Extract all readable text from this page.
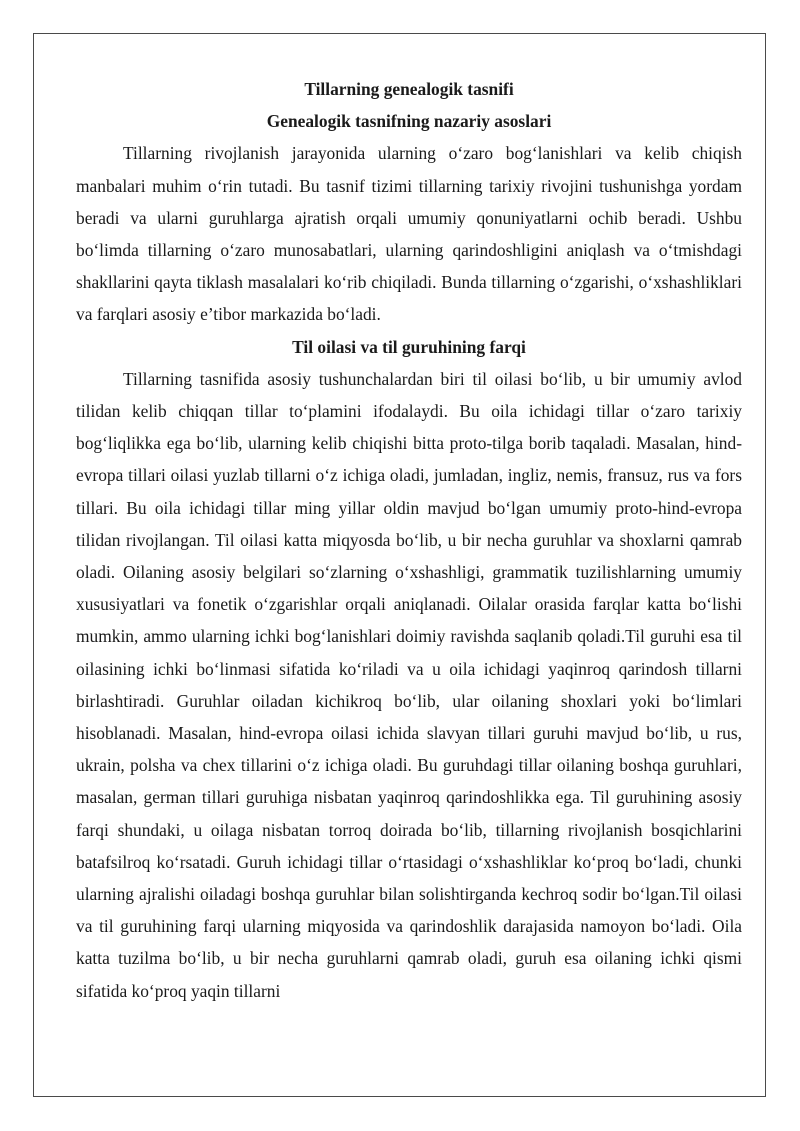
Tillarning genealogik tasnifi

Genealogik tasnifning nazariy asoslari

Tillarning rivojlanish jarayonida ularning o‘zaro bog‘lanishlari va kelib chiqish manbalari muhim o‘rin tutadi. Bu tasnif tizimi tillarning tarixiy rivojini tushunishga yordam beradi va ularni guruhlarga ajratish orqali umumiy qonuniyatlarni ochib beradi. Ushbu bo‘limda tillarning o‘zaro munosabatlari, ularning qarindoshligini aniqlash va o‘tmishdagi shakllarini qayta tiklash masalalari ko‘rib chiqiladi. Bunda tillarning o‘zgarishi, o‘xshashliklari va farqlari asosiy e’tibor markazida bo‘ladi.

Til oilasi va til guruhining farqi

Tillarning tasnifida asosiy tushunchalardan biri til oilasi bo‘lib, u bir umumiy avlod tilidan kelib chiqqan tillar to‘plamini ifodalaydi. Bu oila ichidagi tillar o‘zaro tarixiy bog‘liqlikka ega bo‘lib, ularning kelib chiqishi bitta proto-tilga borib taqaladi. Masalan, hind-evropa tillari oilasi yuzlab tillarni o‘z ichiga oladi, jumladan, ingliz, nemis, fransuz, rus va fors tillari. Bu oila ichidagi tillar ming yillar oldin mavjud bo‘lgan umumiy proto-hind-evropa tilidan rivojlangan. Til oilasi katta miqyosda bo‘lib, u bir necha guruhlar va shoxlarni qamrab oladi. Oilaning asosiy belgilari so‘zlarning o‘xshashligi, grammatik tuzilishlarning umumiy xususiyatlari va fonetik o‘zgarishlar orqali aniqlanadi. Oilalar orasida farqlar katta bo‘lishi mumkin, ammo ularning ichki bog‘lanishlari doimiy ravishda saqlanib qoladi.Til guruhi esa til oilasining ichki bo‘linmasi sifatida ko‘riladi va u oila ichidagi yaqinroq qarindosh tillarni birlashtiradi. Guruhlar oiladan kichikroq bo‘lib, ular oilaning shoxlari yoki bo‘limlari hisoblanadi. Masalan, hind-evropa oilasi ichida slavyan tillari guruhi mavjud bo‘lib, u rus, ukrain, polsha va chex tillarini o‘z ichiga oladi. Bu guruhdagi tillar oilaning boshqa guruhlari, masalan, german tillari guruhiga nisbatan yaqinroq qarindoshlikka ega. Til guruhining asosiy farqi shundaki, u oilaga nisbatan torroq doirada bo‘lib, tillarning rivojlanish bosqichlarini batafsilroq ko‘rsatadi. Guruh ichidagi tillar o‘rtasidagi o‘xshashliklar ko‘proq bo‘ladi, chunki ularning ajralishi oiladagi boshqa guruhlar bilan solishtirganda kechroq sodir bo‘lgan.Til oilasi va til guruhining farqi ularning miqyosida va qarindoshlik darajasida namoyon bo‘ladi. Oila katta tuzilma bo‘lib, u bir necha guruhlarni qamrab oladi, guruh esa oilaning ichki qismi sifatida ko‘proq yaqin tillarni
